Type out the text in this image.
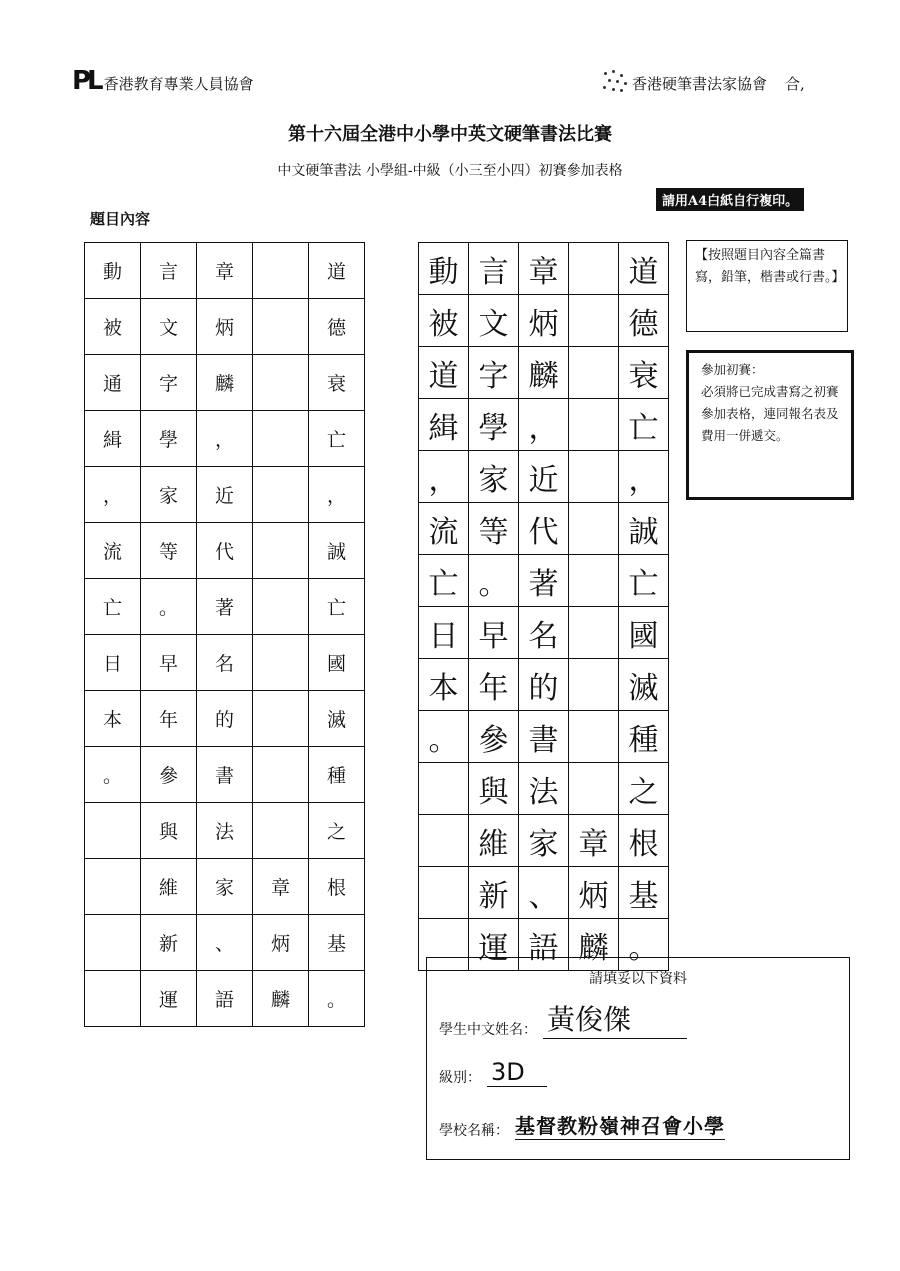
PL 香港教育專業人員協會	香港硬筆書法家協會 合,
第十六屆全港中小學中英文硬筆書法比賽
中文硬筆書法 小學組-中級（小三至小四）初賽參加表格
請用A4白紙自行複印。
題目內容
動	言	章		道
被	文	炳		德
通	字	麟		衰
緝	學	，		亡
，	家	近		，
流	等	代		誠
亡	。	著		亡
日	早	名		國
本	年	的		滅
。	參	書		種
	與	法		之
	維	家	章	根
	新	、	炳	基
	運	語	麟	。
動	言	章		道
被	文	炳		德
道	字	麟		衰
緝	學	，		亡
，	家	近		，
流	等	代		誠
亡	。	著		亡
日	早	名		國
本	年	的		滅
。	參	書		種
	與	法		之
	維	家	章	根
	新	、	炳	基
	運	語	麟	。
【按照題目內容全篇書寫，鉛筆，楷書或行書。】
參加初賽：
必須將已完成書寫之初賽參加表格，連同報名表及費用一併遞交。
請填妥以下資料
學生中文姓名： 黃俊傑
級別： 3D
學校名稱： 基督教粉嶺神召會小學
